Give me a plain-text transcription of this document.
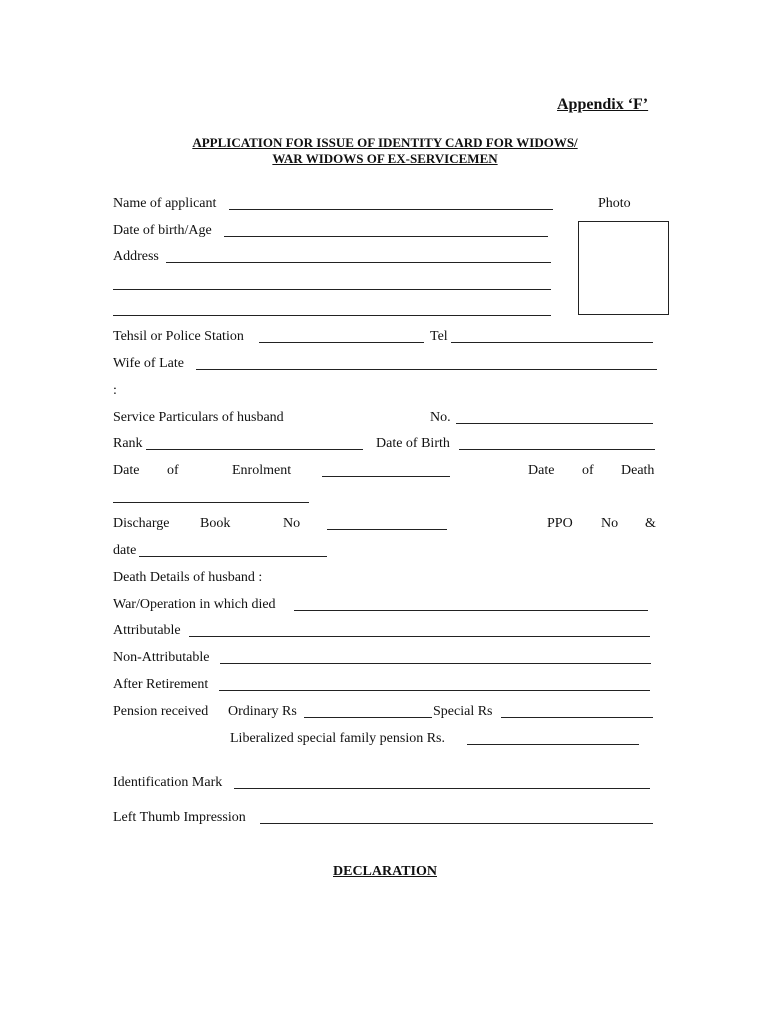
Appendix ‘F’
APPLICATION FOR ISSUE OF IDENTITY CARD FOR WIDOWS/
WAR WIDOWS OF EX-SERVICEMEN
Photo
Name of applicant
Date of birth/Age
Address
Tehsil or Police Station	Tel
Wife of Late
:
Service Particulars of husband	No.
Rank	Date of Birth
Date of	Enrolment	Date of Death
Discharge Book	No	PPO No &
date
Death Details of husband :
War/Operation in which died
Attributable
Non-Attributable
After Retirement
Pension received Ordinary Rs	Special Rs
Liberalized special family pension Rs.
Identification Mark
Left Thumb Impression
DECLARATION
